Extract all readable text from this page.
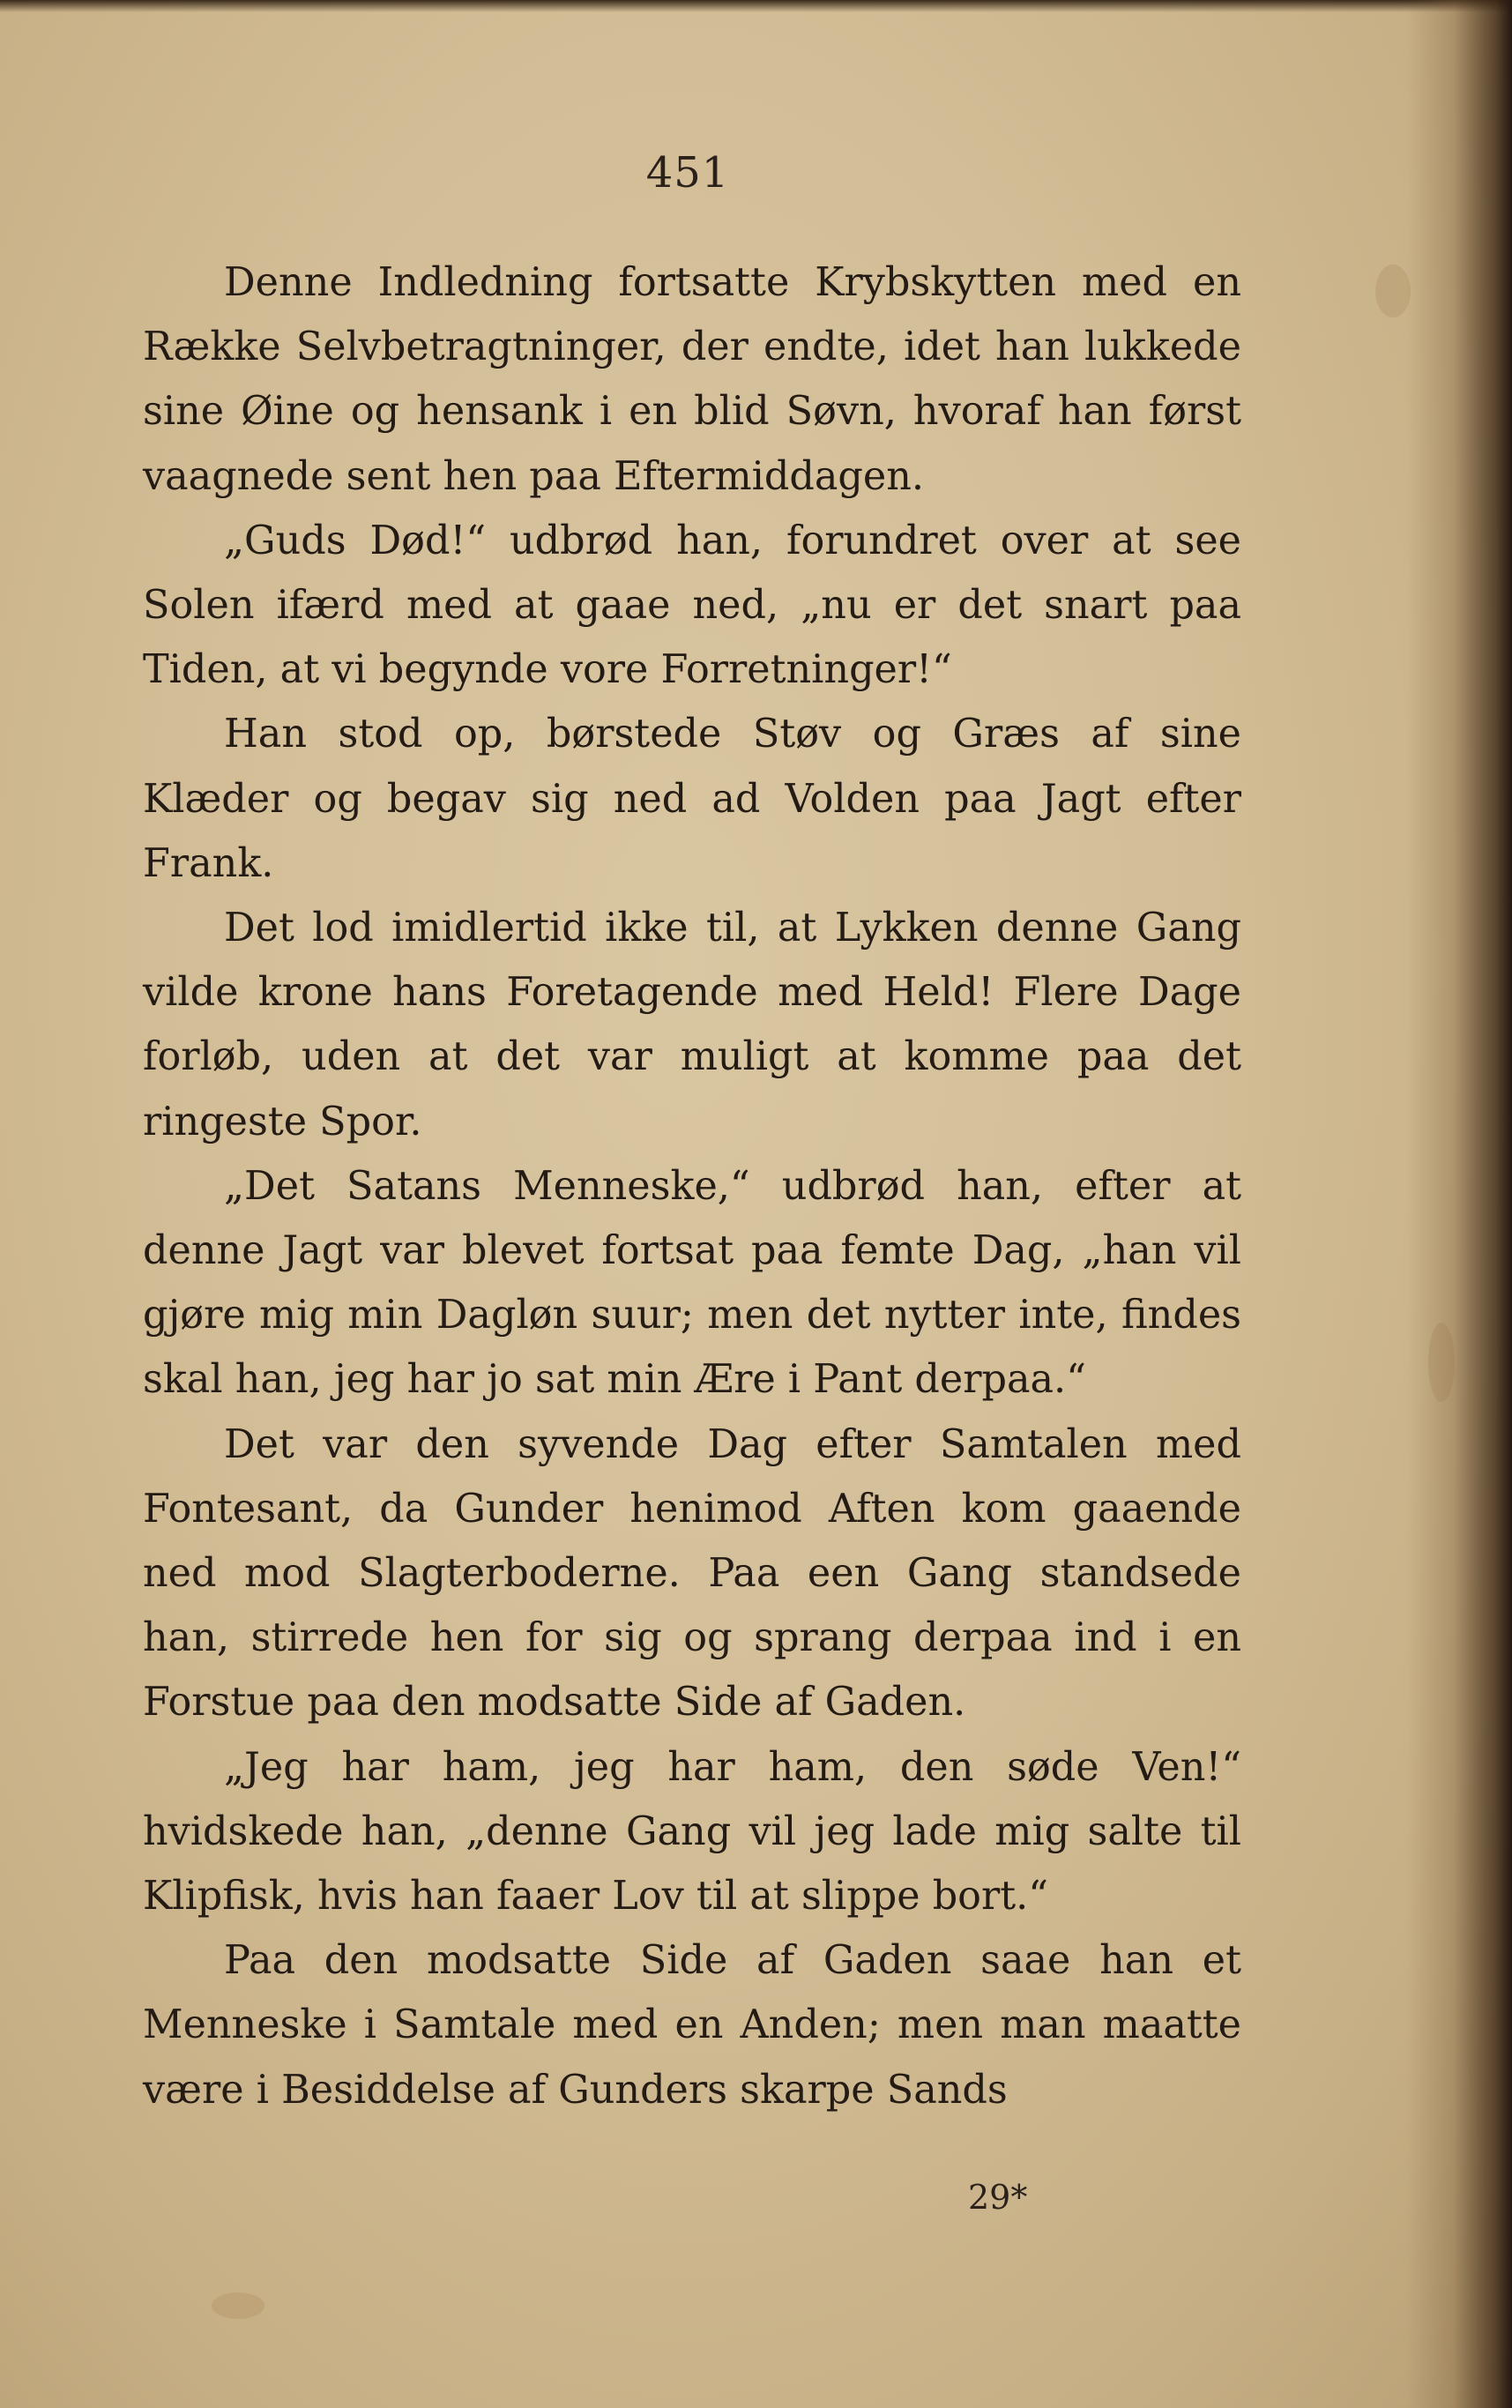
451

Denne Indledning fortsatte Krybskytten med en Række Selvbetragtninger, der endte, idet han lukkede sine Øine og hensank i en blid Søvn, hvoraf han først vaagnede sent hen paa Eftermiddagen.

„Guds Død!“ udbrød han, forundret over at see Solen ifærd med at gaae ned, „nu er det snart paa Tiden, at vi begynde vore Forretninger!“

Han stod op, børstede Støv og Græs af sine Klæder og begav sig ned ad Volden paa Jagt efter Frank.

Det lod imidlertid ikke til, at Lykken denne Gang vilde krone hans Foretagende med Held! Flere Dage forløb, uden at det var muligt at komme paa det ringeste Spor.

„Det Satans Menneske,“ udbrød han, efter at denne Jagt var blevet fortsat paa femte Dag, „han vil gjøre mig min Dagløn suur; men det nytter inte, findes skal han, jeg har jo sat min Ære i Pant derpaa.“

Det var den syvende Dag efter Samtalen med Fontesant, da Gunder henimod Aften kom gaaende ned mod Slagterboderne. Paa een Gang standsede han, stirrede hen for sig og sprang derpaa ind i en Forstue paa den modsatte Side af Gaden.

„Jeg har ham, jeg har ham, den søde Ven!“ hvidskede han, „denne Gang vil jeg lade mig salte til Klipfisk, hvis han faaer Lov til at slippe bort.“

Paa den modsatte Side af Gaden saae han et Menneske i Samtale med en Anden; men man maatte være i Besiddelse af Gunders skarpe Sands

29*
